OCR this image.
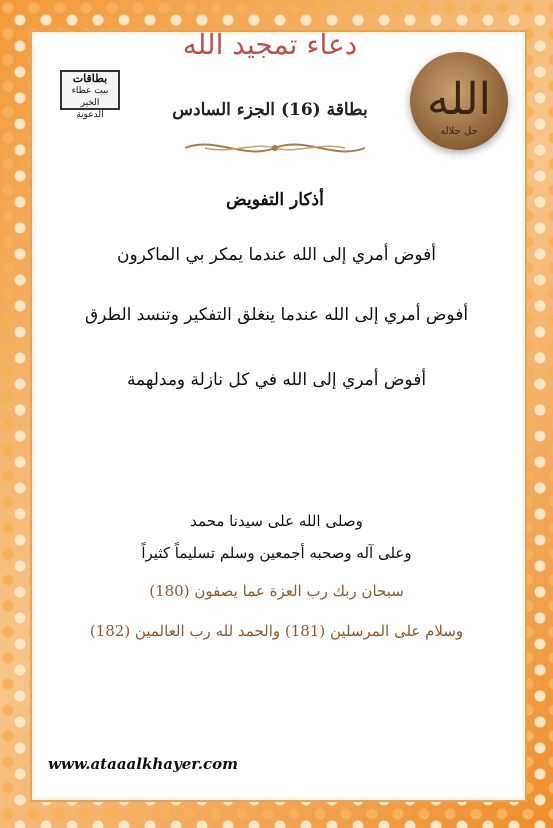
بطاقات
بيت عطاء الخير
الدعوية
دعاء تمجيد الله
بطاقة (16) الجزء السادس	الله
جل جلاله
أذكار التفويض
أفوض أمري إلى الله عندما يمكر بي الماكرون
أفوض أمري إلى الله عندما ينغلق التفكير وتنسد الطرق
أفوض أمري إلى الله في كل نازلة ومدلهمة
وصلى الله على سيدنا محمد
وعلى آله وصحبه أجمعين وسلم تسليماً كثيراً
سبحان ربك رب العزة عما يصفون (180)
وسلام على المرسلين (181) والحمد لله رب العالمين (182)
www.ataaalkhayer.com
